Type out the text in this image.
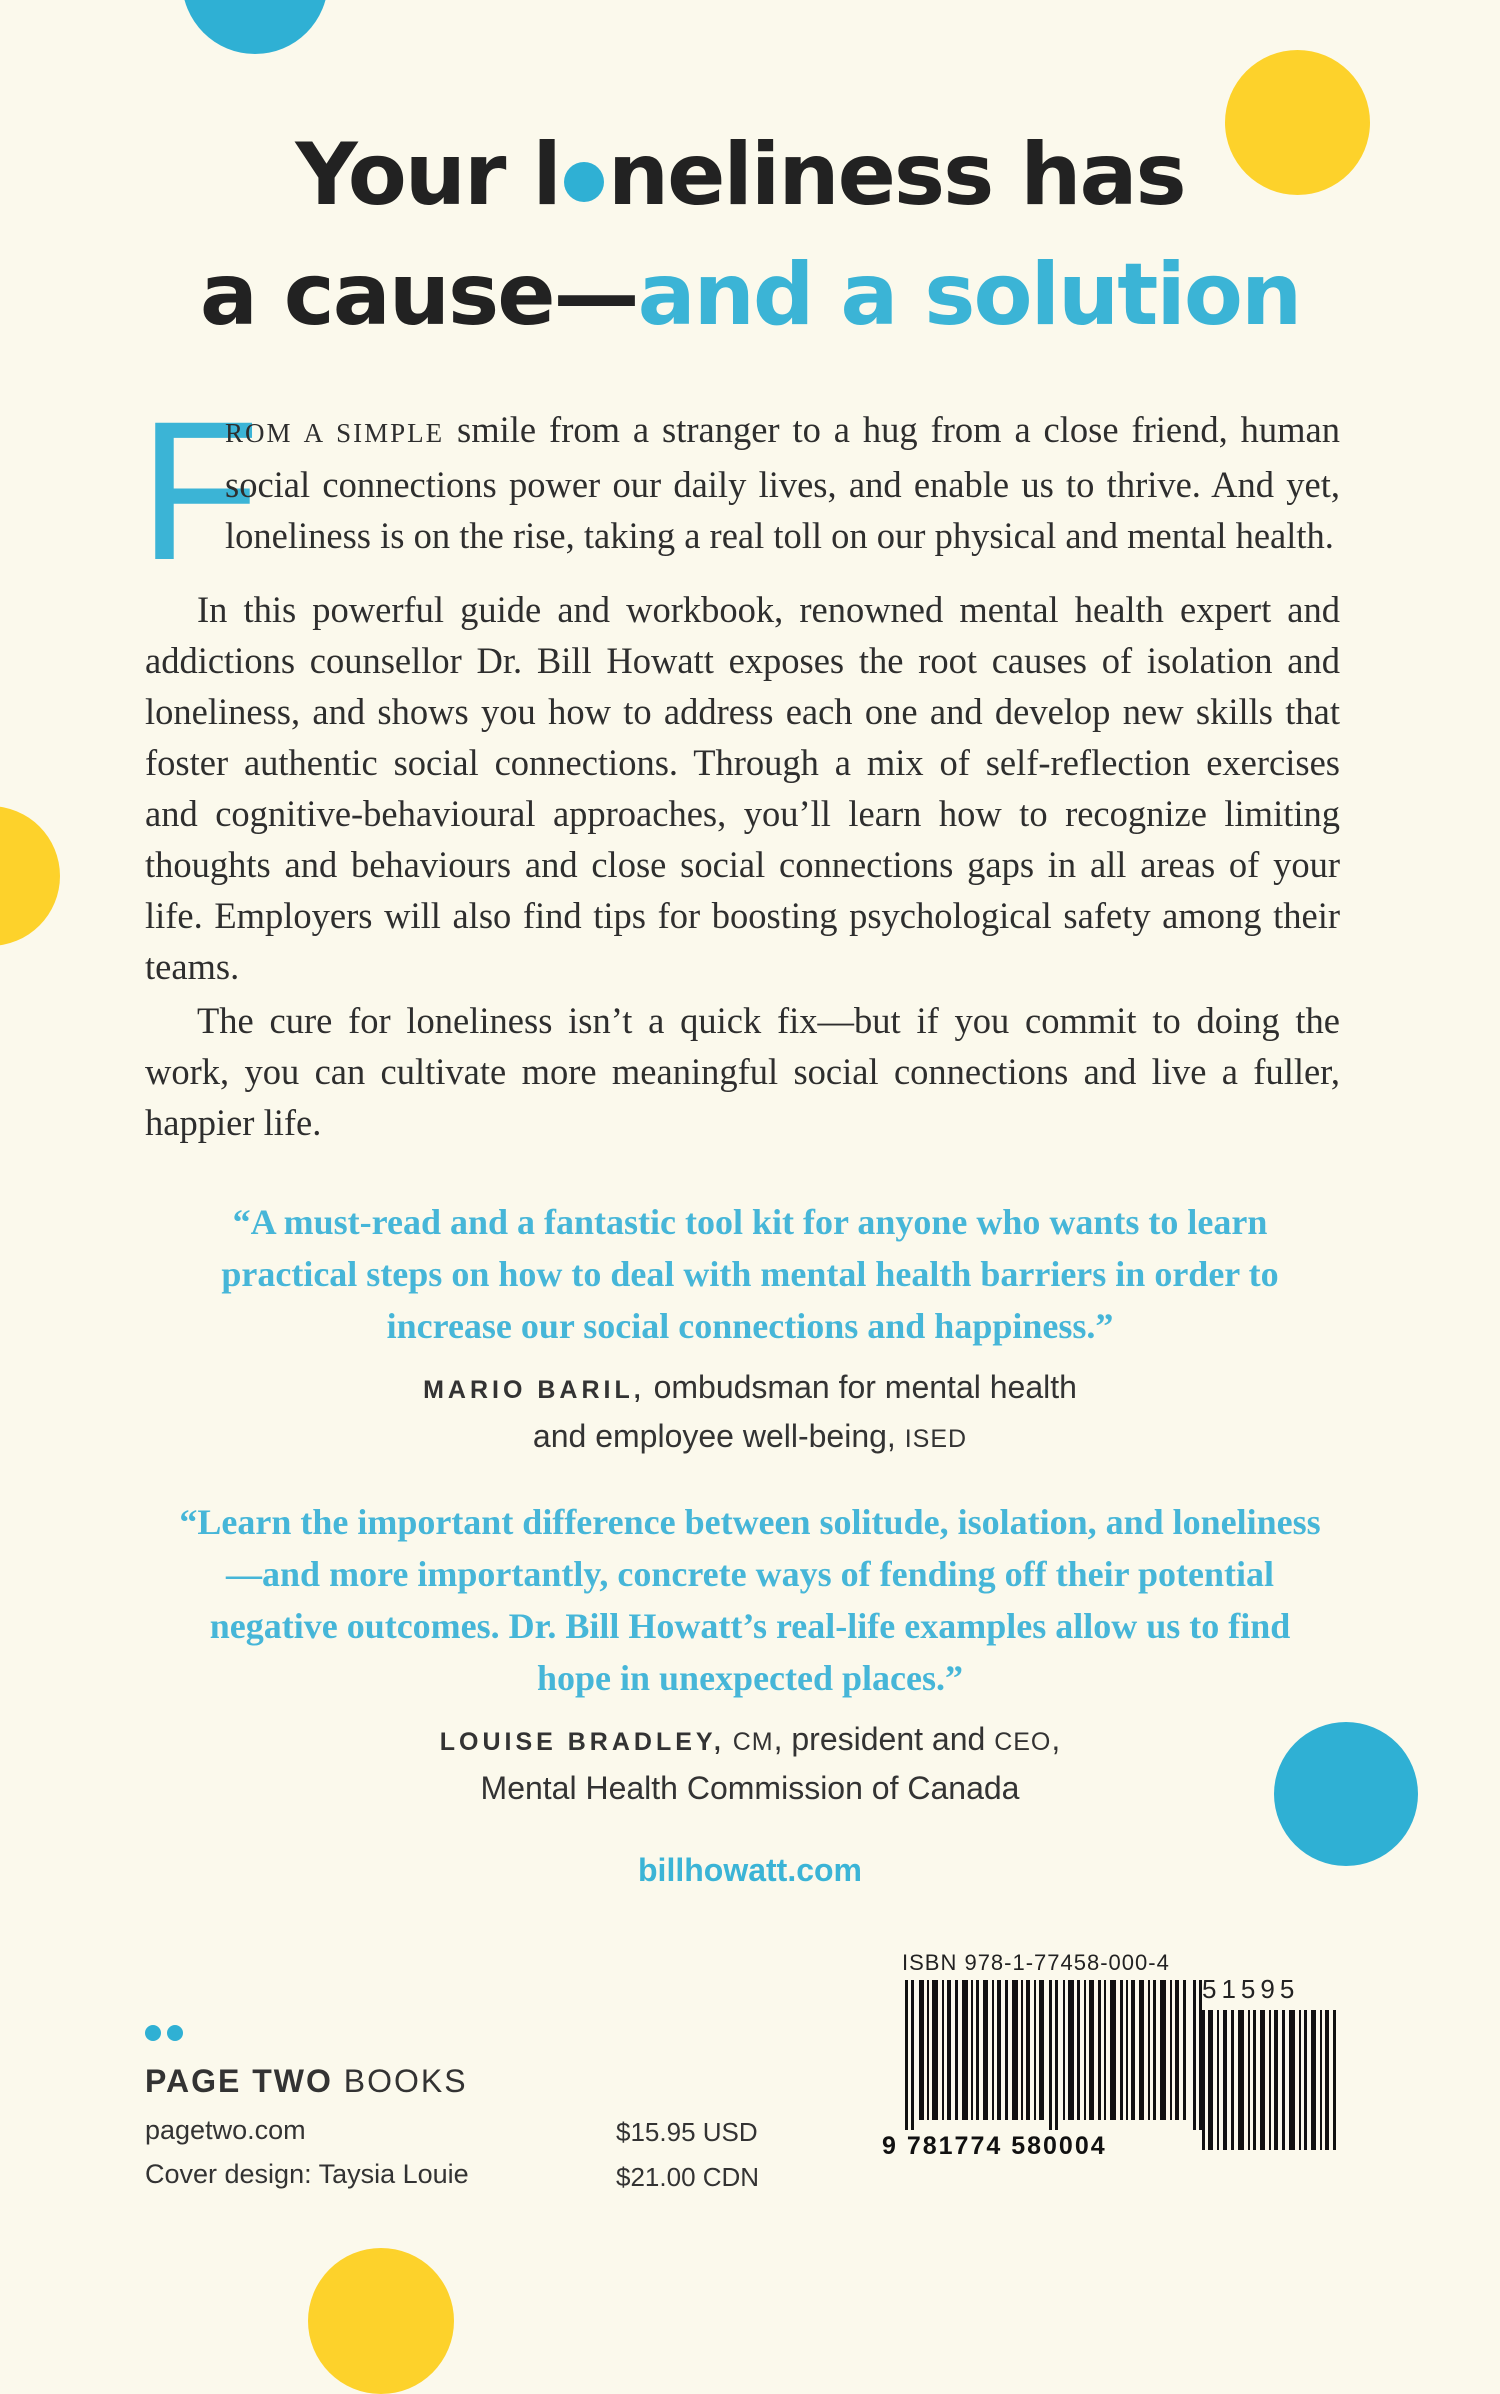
Your l neliness has
a cause—and a solution
F
ROM A SIMPLE smile from a stranger to a hug from a close friend, human social connections power our daily lives, and enable us to thrive. And yet, loneliness is on the rise, taking a real toll on our physical and mental health.

In this powerful guide and workbook, renowned mental health expert and addictions counsellor Dr. Bill Howatt exposes the root causes of isolation and loneliness, and shows you how to address each one and develop new skills that foster authentic social connections. Through a mix of self-reflection exercises and cognitive-behavioural approaches, you’ll learn how to recognize limiting thoughts and behaviours and close social connections gaps in all areas of your life. Employers will also find tips for boosting psychological safety among their teams.

The cure for loneliness isn’t a quick fix—but if you commit to doing the work, you can cultivate more meaningful social connections and live a fuller, happier life.

“A must-read and a fantastic tool kit for anyone who wants to learn practical steps on how to deal with mental health barriers in order to increase our social connections and happiness.”
MARIO BARIL, ombudsman for mental health
and employee well-being, ISED
“Learn the important difference between solitude, isolation, and loneliness—and more importantly, concrete ways of fending off their potential negative outcomes. Dr. Bill Howatt’s real-life examples allow us to find hope in unexpected places.”
LOUISE BRADLEY, CM, president and CEO,
Mental Health Commission of Canada
billhowatt.com
PAGE TWO BOOKS
pagetwo.com
Cover design: Taysia Louie
$15.95 USD
$21.00 CDN
ISBN 978-1-77458-000-4
51595
9 781774 580004
